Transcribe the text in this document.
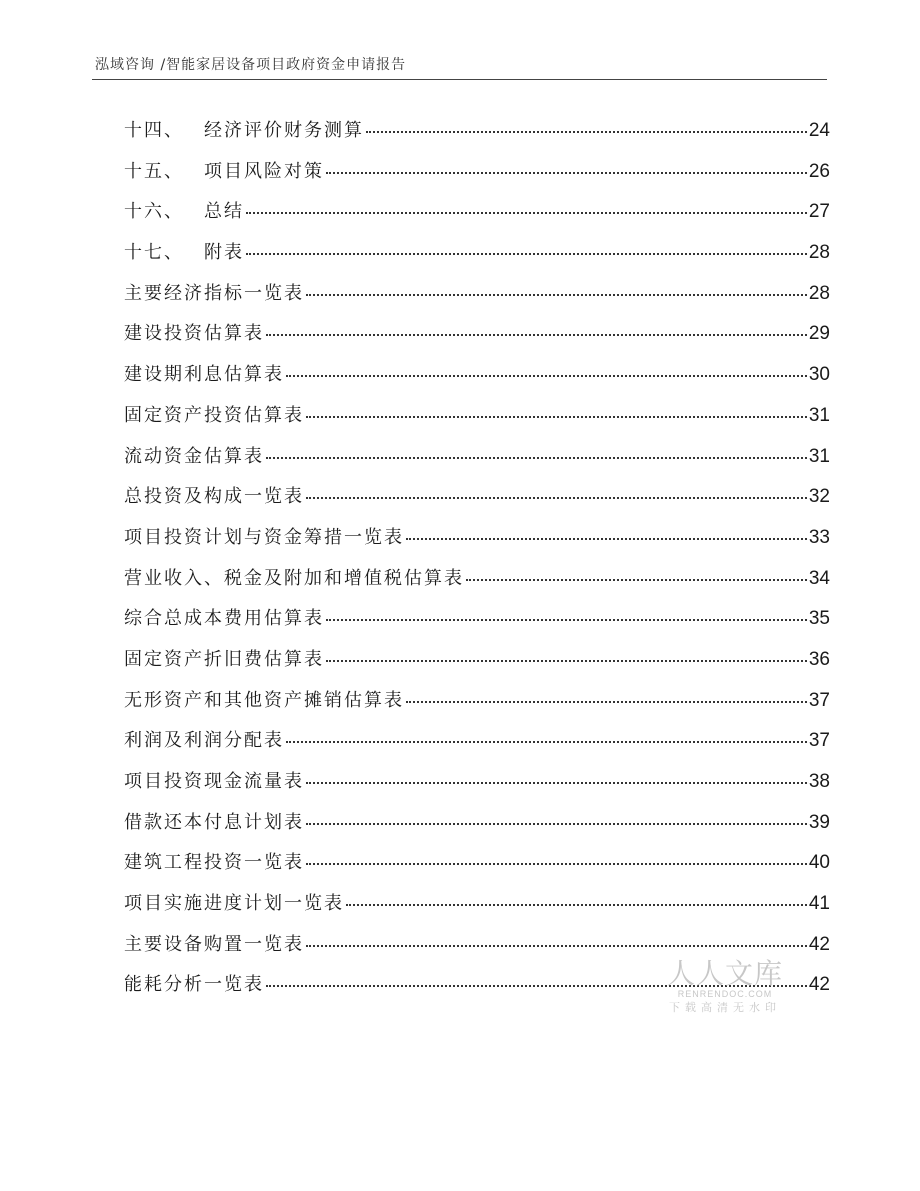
泓域咨询 /智能家居设备项目政府资金申请报告
十四、 经济评价财务测算	24
十五、 项目风险对策	26
十六、 总结	27
十七、 附表	28
主要经济指标一览表	28
建设投资估算表	29
建设期利息估算表	30
固定资产投资估算表	31
流动资金估算表	31
总投资及构成一览表	32
项目投资计划与资金筹措一览表	33
营业收入、税金及附加和增值税估算表	34
综合总成本费用估算表	35
固定资产折旧费估算表	36
无形资产和其他资产摊销估算表	37
利润及利润分配表	37
项目投资现金流量表	38
借款还本付息计划表	39
建筑工程投资一览表	40
项目实施进度计划一览表	41
主要设备购置一览表	42
能耗分析一览表	42
人人文库
RENRENDOC.COM
下载高清无水印
